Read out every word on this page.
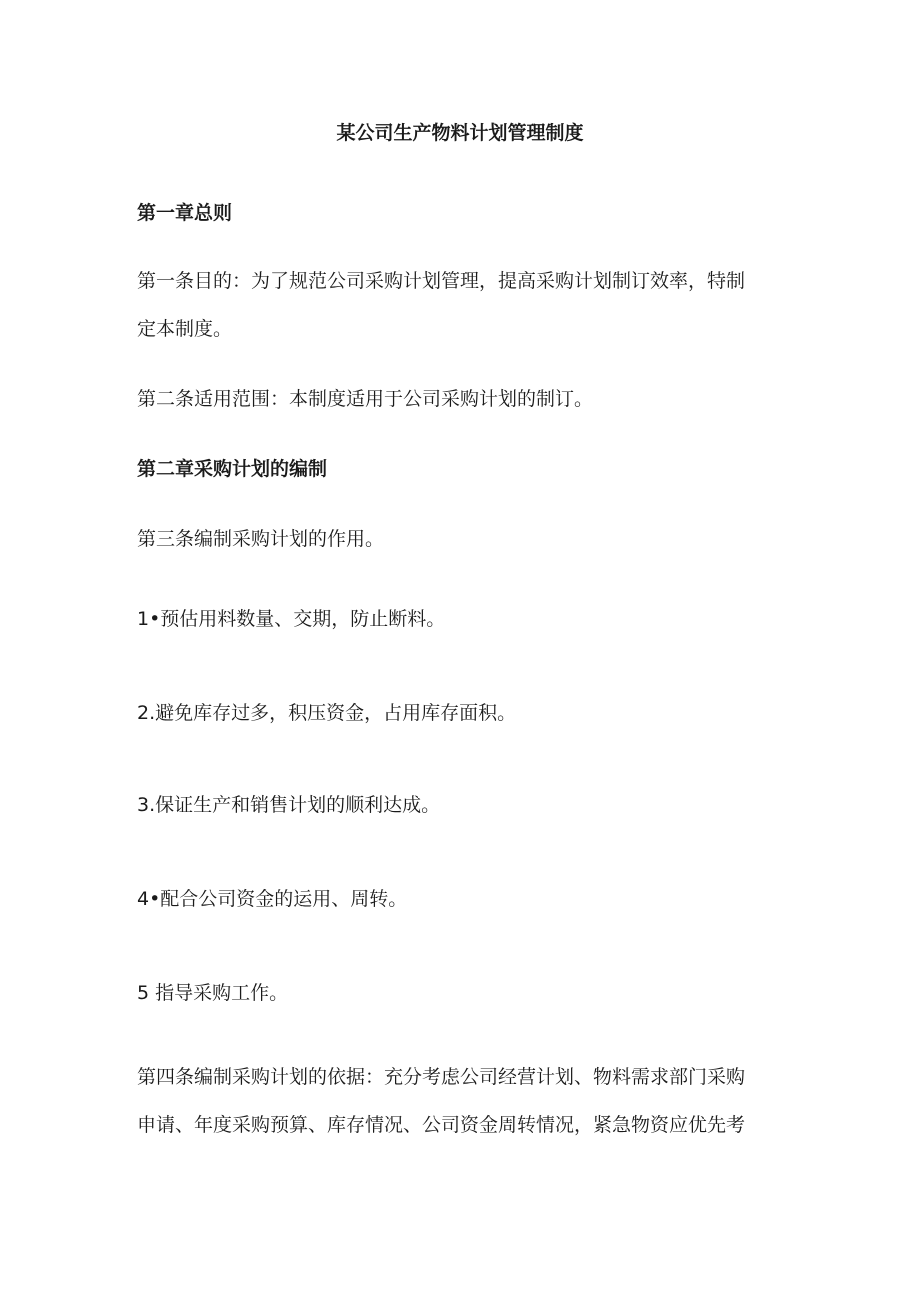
某公司生产物料计划管理制度
第一章总则
第一条目的：为了规范公司采购计划管理，提高采购计划制订效率，特制
定本制度。
第二条适用范围：本制度适用于公司采购计划的制订。
第二章采购计划的编制
第三条编制采购计划的作用。
1•预估用料数量、交期，防止断料。
2.避免库存过多，积压资金，占用库存面积。
3.保证生产和销售计划的顺利达成。
4•配合公司资金的运用、周转。
5 指导采购工作。
第四条编制采购计划的依据：充分考虑公司经营计划、物料需求部门采购
申请、年度采购预算、库存情况、公司资金周转情况，紧急物资应优先考
